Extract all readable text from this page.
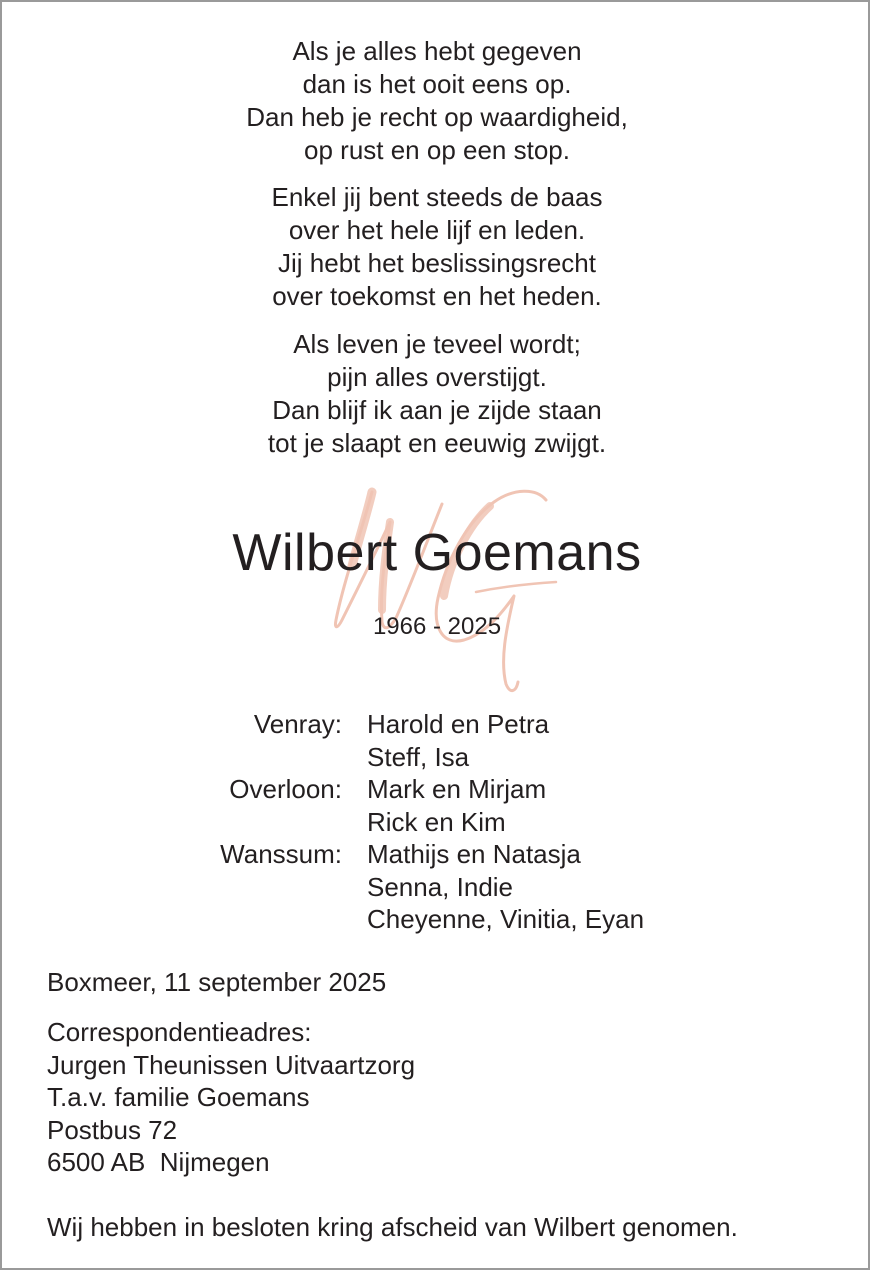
Als je alles hebt gegeven

dan is het ooit eens op.

Dan heb je recht op waardigheid,

op rust en op een stop.

Enkel jij bent steeds de baas

over het hele lijf en leden.

Jij hebt het beslissingsrecht

over toekomst en het heden.

Als leven je teveel wordt;

pijn alles overstijgt.

Dan blijf ik aan je zijde staan

tot je slaapt en eeuwig zwijgt.

Wilbert Goemans
1966 - 2025
Venray: Harold en Petra
Steff, Isa
Overloon: Mark en Mirjam
Rick en Kim
Wanssum: Mathijs en Natasja
Senna, Indie
Cheyenne, Vinitia, Eyan
Boxmeer, 11 september 2025

Correspondentieadres:

Jurgen Theunissen Uitvaartzorg

T.a.v. familie Goemans

Postbus 72

6500 AB  Nijmegen

Wij hebben in besloten kring afscheid van Wilbert genomen.
